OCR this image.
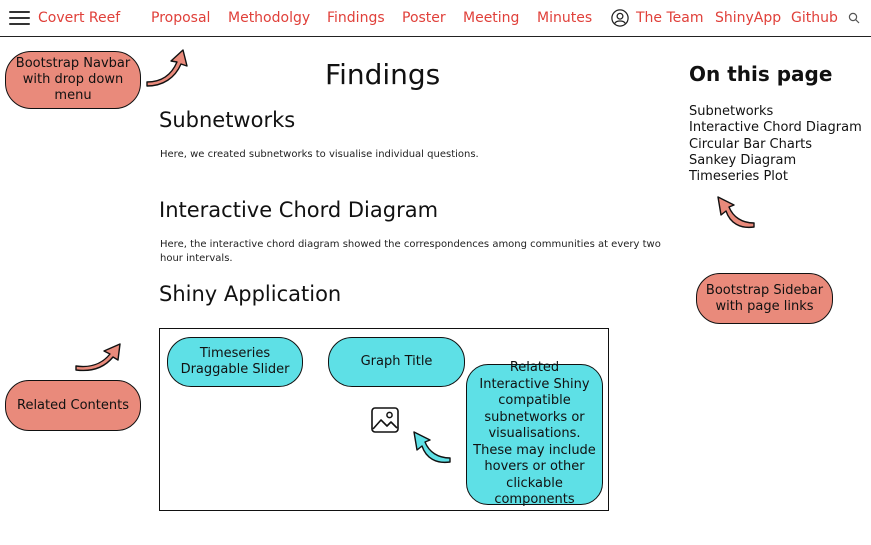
Covert Reef Proposal Methodolgy Findings Poster Meeting Minutes	The Team ShinyApp Github
Findings
Subnetworks

Here, we created subnetworks to visualise individual questions.

Interactive Chord Diagram

Here, the interactive chord diagram showed the correspondences among communities at every two hour intervals.

Shiny Application
On this page
Subnetworks
Interactive Chord Diagram
Circular Bar Charts
Sankey Diagram
Timeseries Plot
Timeseries Draggable Slider
Graph Title	Related Interactive Shiny compatible subnetworks or visualisations. These may include hovers or other clickable components
Bootstrap Navbar with drop down menu
Bootstrap Sidebar with page links
Related Contents
